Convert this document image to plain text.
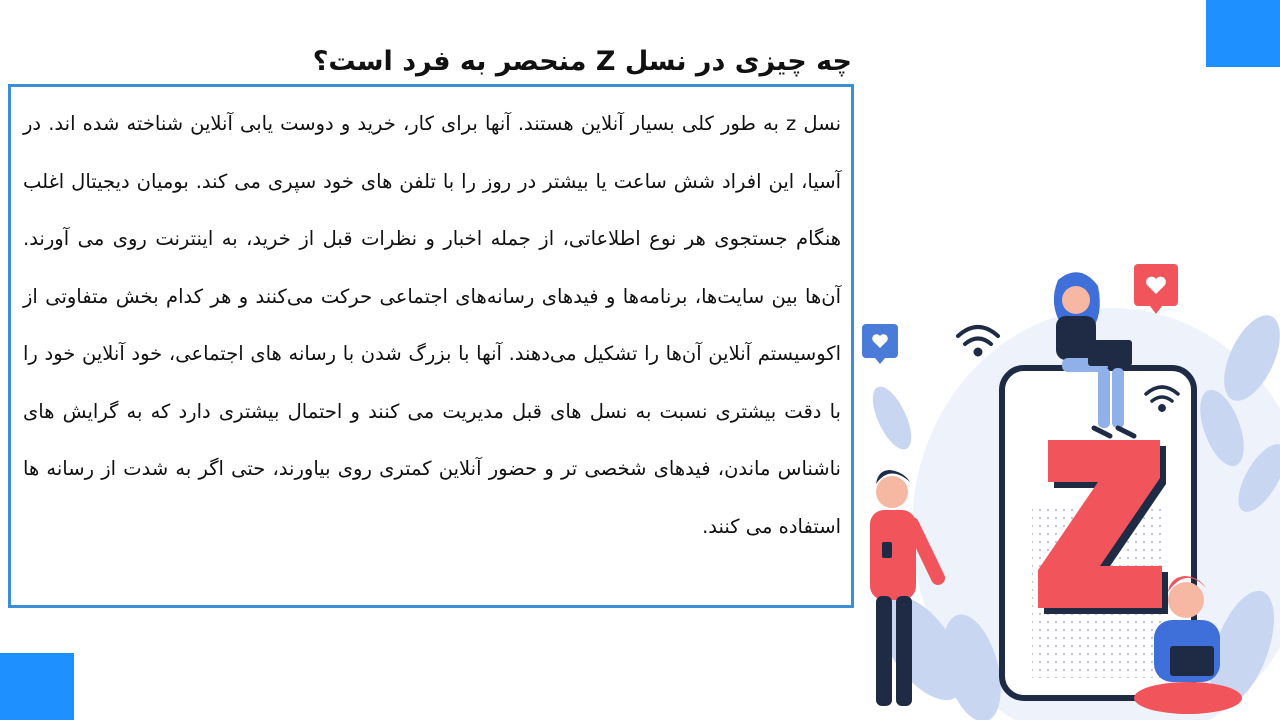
چه چیزی در نسل Z منحصر به فرد است؟

نسل z به طور کلی بسیار آنلاین هستند. آنها برای کار، خرید و دوست یابی آنلاین شناخته شده اند. در آسیا، این افراد شش ساعت یا بیشتر در روز را با تلفن های خود سپری می کند. بومیان دیجیتال اغلب هنگام جستجوی هر نوع اطلاعاتی، از جمله اخبار و نظرات قبل از خرید، به اینترنت روی می آورند. آن‌ها بین سایت‌ها، برنامه‌ها و فیدهای رسانه‌های اجتماعی حرکت می‌کنند و هر کدام بخش متفاوتی از اکوسیستم آنلاین آن‌ها را تشکیل می‌دهند. آنها با بزرگ شدن با رسانه های اجتماعی، خود آنلاین خود را با دقت بیشتری نسبت به نسل های قبل مدیریت می کنند و احتمال بیشتری دارد که به گرایش های ناشناس ماندن، فیدهای شخصی تر و حضور آنلاین کمتری روی بیاورند، حتی اگر به شدت از رسانه ها استفاده می کنند.
